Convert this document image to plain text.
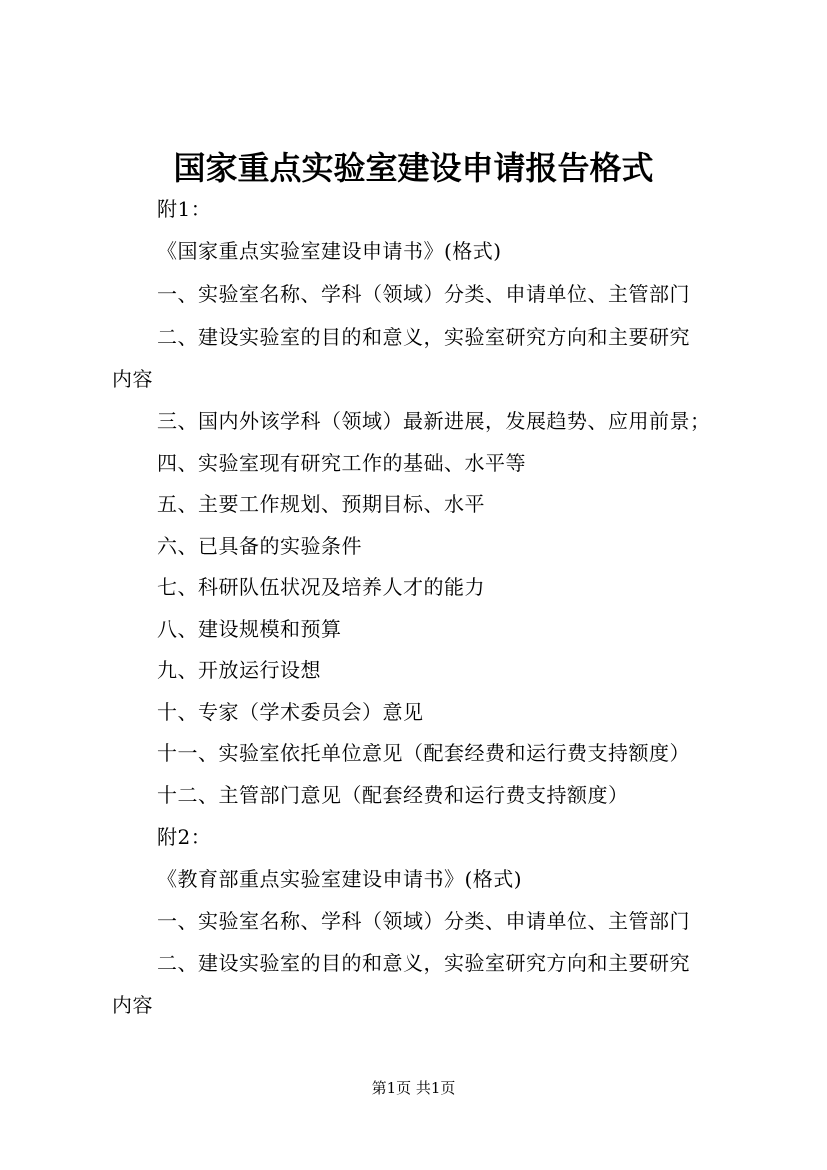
国家重点实验室建设申请报告格式
附1：
《国家重点实验室建设申请书》(格式)
一、实验室名称、学科（领域）分类、申请单位、主管部门
二、建设实验室的目的和意义，实验室研究方向和主要研究
内容
三、国内外该学科（领域）最新进展，发展趋势、应用前景；
四、实验室现有研究工作的基础、水平等
五、主要工作规划、预期目标、水平
六、已具备的实验条件
七、科研队伍状况及培养人才的能力
八、建设规模和预算
九、开放运行设想
十、专家（学术委员会）意见
十一、实验室依托单位意见（配套经费和运行费支持额度）
十二、主管部门意见（配套经费和运行费支持额度）
附2：
《教育部重点实验室建设申请书》(格式)
一、实验室名称、学科（领域）分类、申请单位、主管部门
二、建设实验室的目的和意义，实验室研究方向和主要研究
内容
第1页 共1页
